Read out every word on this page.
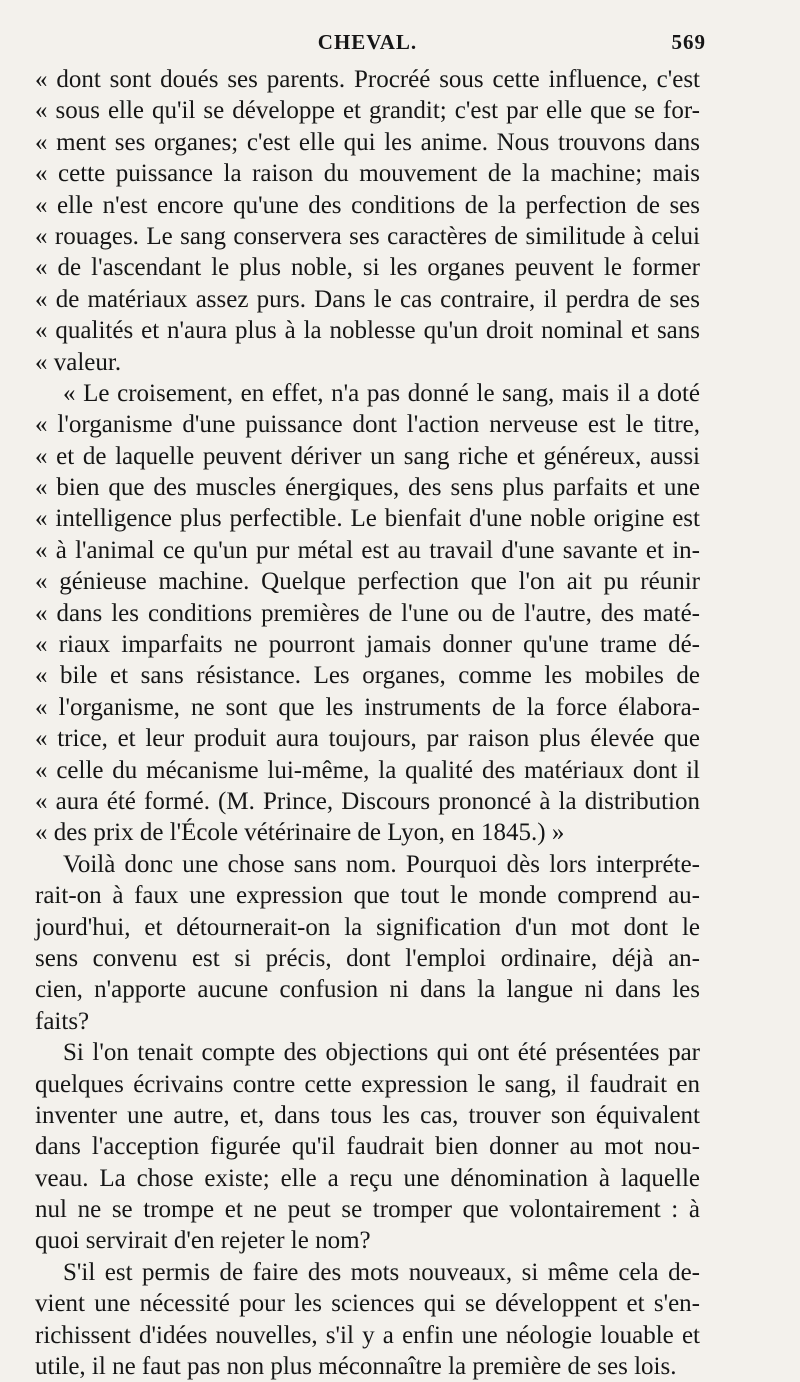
CHEVAL.	569

« dont sont doués ses parents. Procréé sous cette influence, c'est
« sous elle qu'il se développe et grandit; c'est par elle que se for-
« ment ses organes; c'est elle qui les anime. Nous trouvons dans
« cette puissance la raison du mouvement de la machine; mais
« elle n'est encore qu'une des conditions de la perfection de ses
« rouages. Le sang conservera ses caractères de similitude à celui
« de l'ascendant le plus noble, si les organes peuvent le former
« de matériaux assez purs. Dans le cas contraire, il perdra de ses
« qualités et n'aura plus à la noblesse qu'un droit nominal et sans
« valeur.

« Le croisement, en effet, n'a pas donné le sang, mais il a doté
« l'organisme d'une puissance dont l'action nerveuse est le titre,
« et de laquelle peuvent dériver un sang riche et généreux, aussi
« bien que des muscles énergiques, des sens plus parfaits et une
« intelligence plus perfectible. Le bienfait d'une noble origine est
« à l'animal ce qu'un pur métal est au travail d'une savante et in-
« génieuse machine. Quelque perfection que l'on ait pu réunir
« dans les conditions premières de l'une ou de l'autre, des maté-
« riaux imparfaits ne pourront jamais donner qu'une trame dé-
« bile et sans résistance. Les organes, comme les mobiles de
« l'organisme, ne sont que les instruments de la force élabora-
« trice, et leur produit aura toujours, par raison plus élevée que
« celle du mécanisme lui-même, la qualité des matériaux dont il
« aura été formé. (M. Prince, Discours prononcé à la distribution
« des prix de l'École vétérinaire de Lyon, en 1845.) »

Voilà donc une chose sans nom. Pourquoi dès lors interpréte-
rait-on à faux une expression que tout le monde comprend au-
jourd'hui, et détournerait-on la signification d'un mot dont le
sens convenu est si précis, dont l'emploi ordinaire, déjà an-
cien, n'apporte aucune confusion ni dans la langue ni dans les
faits?

Si l'on tenait compte des objections qui ont été présentées par
quelques écrivains contre cette expression le sang, il faudrait en
inventer une autre, et, dans tous les cas, trouver son équivalent
dans l'acception figurée qu'il faudrait bien donner au mot nou-
veau. La chose existe; elle a reçu une dénomination à laquelle
nul ne se trompe et ne peut se tromper que volontairement : à
quoi servirait d'en rejeter le nom?

S'il est permis de faire des mots nouveaux, si même cela de-
vient une nécessité pour les sciences qui se développent et s'en-
richissent d'idées nouvelles, s'il y a enfin une néologie louable et
utile, il ne faut pas non plus méconnaître la première de ses lois.
